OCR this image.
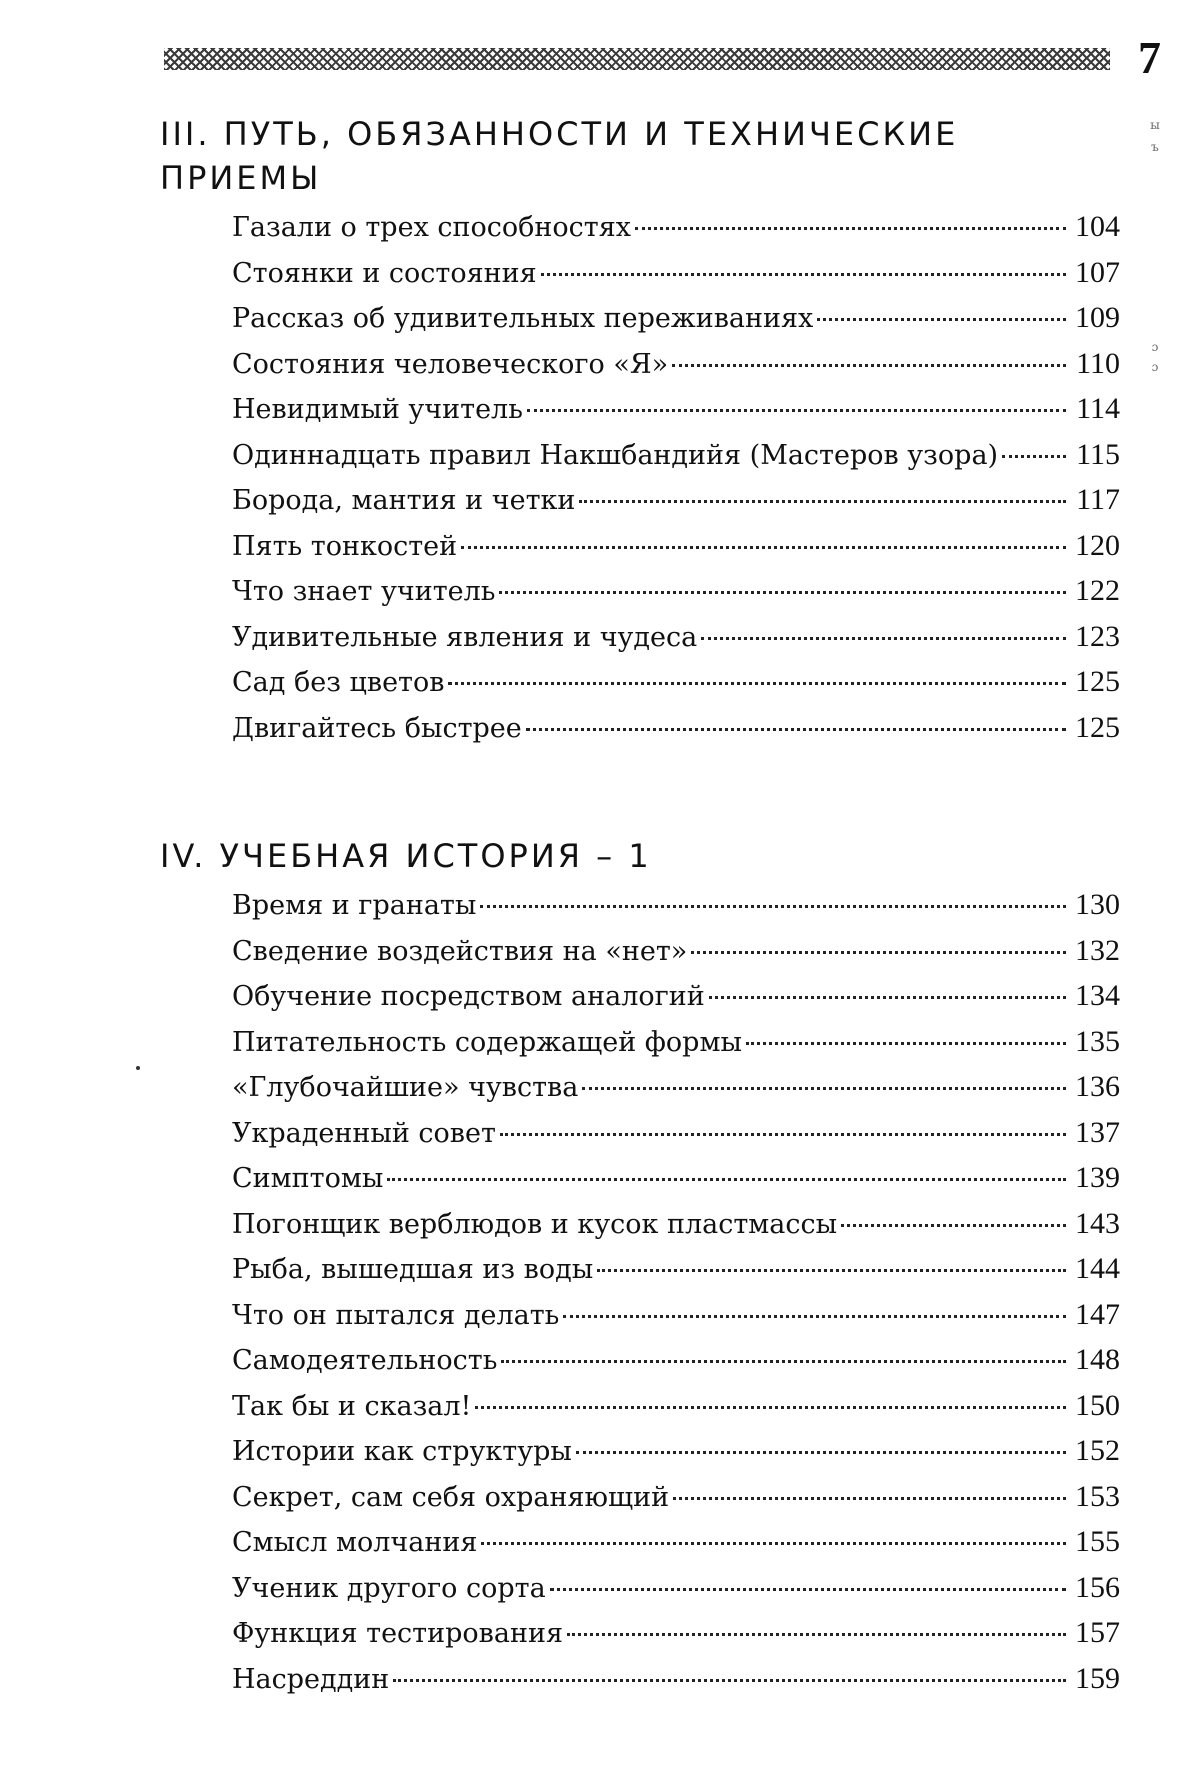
7
ы
ъ
ɔ
ɔ
III. ПУТЬ, ОБЯЗАННОСТИ И ТЕХНИЧЕСКИЕ ПРИЕМЫ
Газали о трех способностях	104
Стоянки и состояния	107
Рассказ об удивительных переживаниях	109
Состояния человеческого «Я»	110
Невидимый учитель	114
Одиннадцать правил Накшбандийя (Мастеров узора)	115
Борода, мантия и четки	117
Пять тонкостей	120
Что знает учитель	122
Удивительные явления и чудеса	123
Сад без цветов	125
Двигайтесь быстрее	125
IV. УЧЕБНАЯ ИСТОРИЯ – 1
Время и гранаты	130
Сведение воздействия на «нет»	132
Обучение посредством аналогий	134
Питательность содержащей формы	135
«Глубочайшие» чувства	136
Украденный совет	137
Симптомы	139
Погонщик верблюдов и кусок пластмассы	143
Рыба, вышедшая из воды	144
Что он пытался делать	147
Самодеятельность	148
Так бы и сказал!	150
Истории как структуры	152
Секрет, сам себя охраняющий	153
Смысл молчания	155
Ученик другого сорта	156
Функция тестирования	157
Насреддин	159
